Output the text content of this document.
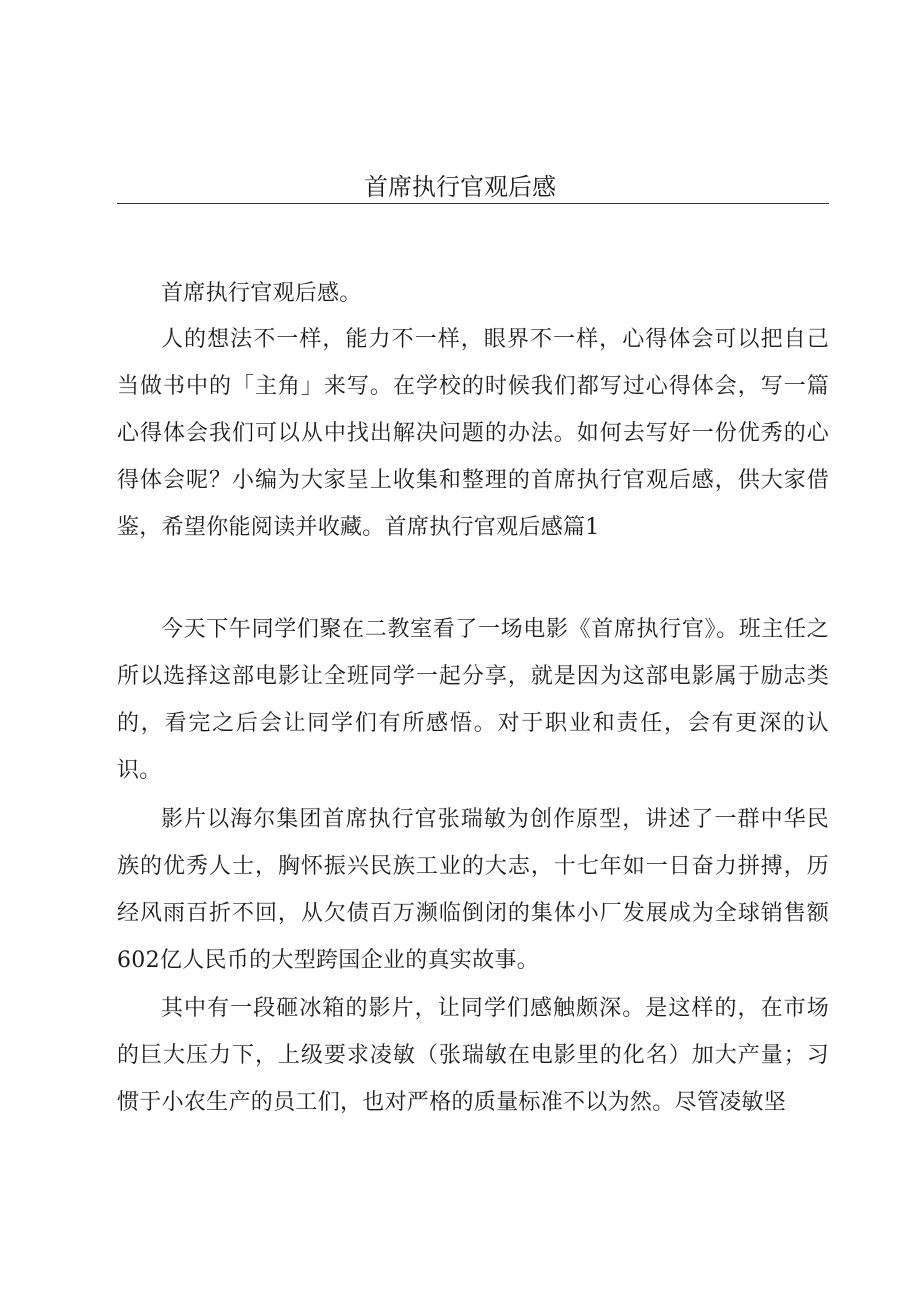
首席执行官观后感

首席执行官观后感。

人的想法不一样，能力不一样，眼界不一样，心得体会可以把自己当做书中的「主角」来写。在学校的时候我们都写过心得体会，写一篇心得体会我们可以从中找出解决问题的办法。如何去写好一份优秀的心得体会呢？小编为大家呈上收集和整理的首席执行官观后感，供大家借鉴，希望你能阅读并收藏。首席执行官观后感篇1

今天下午同学们聚在二教室看了一场电影《首席执行官》。班主任之所以选择这部电影让全班同学一起分享，就是因为这部电影属于励志类的，看完之后会让同学们有所感悟。对于职业和责任，会有更深的认识。

影片以海尔集团首席执行官张瑞敏为创作原型，讲述了一群中华民族的优秀人士，胸怀振兴民族工业的大志，十七年如一日奋力拼搏，历经风雨百折不回，从欠债百万濒临倒闭的集体小厂发展成为全球销售额602亿人民币的大型跨国企业的真实故事。

其中有一段砸冰箱的影片，让同学们感触颇深。是这样的，在市场的巨大压力下，上级要求凌敏（张瑞敏在电影里的化名）加大产量；习惯于小农生产的员工们，也对严格的质量标准不以为然。尽管凌敏坚
